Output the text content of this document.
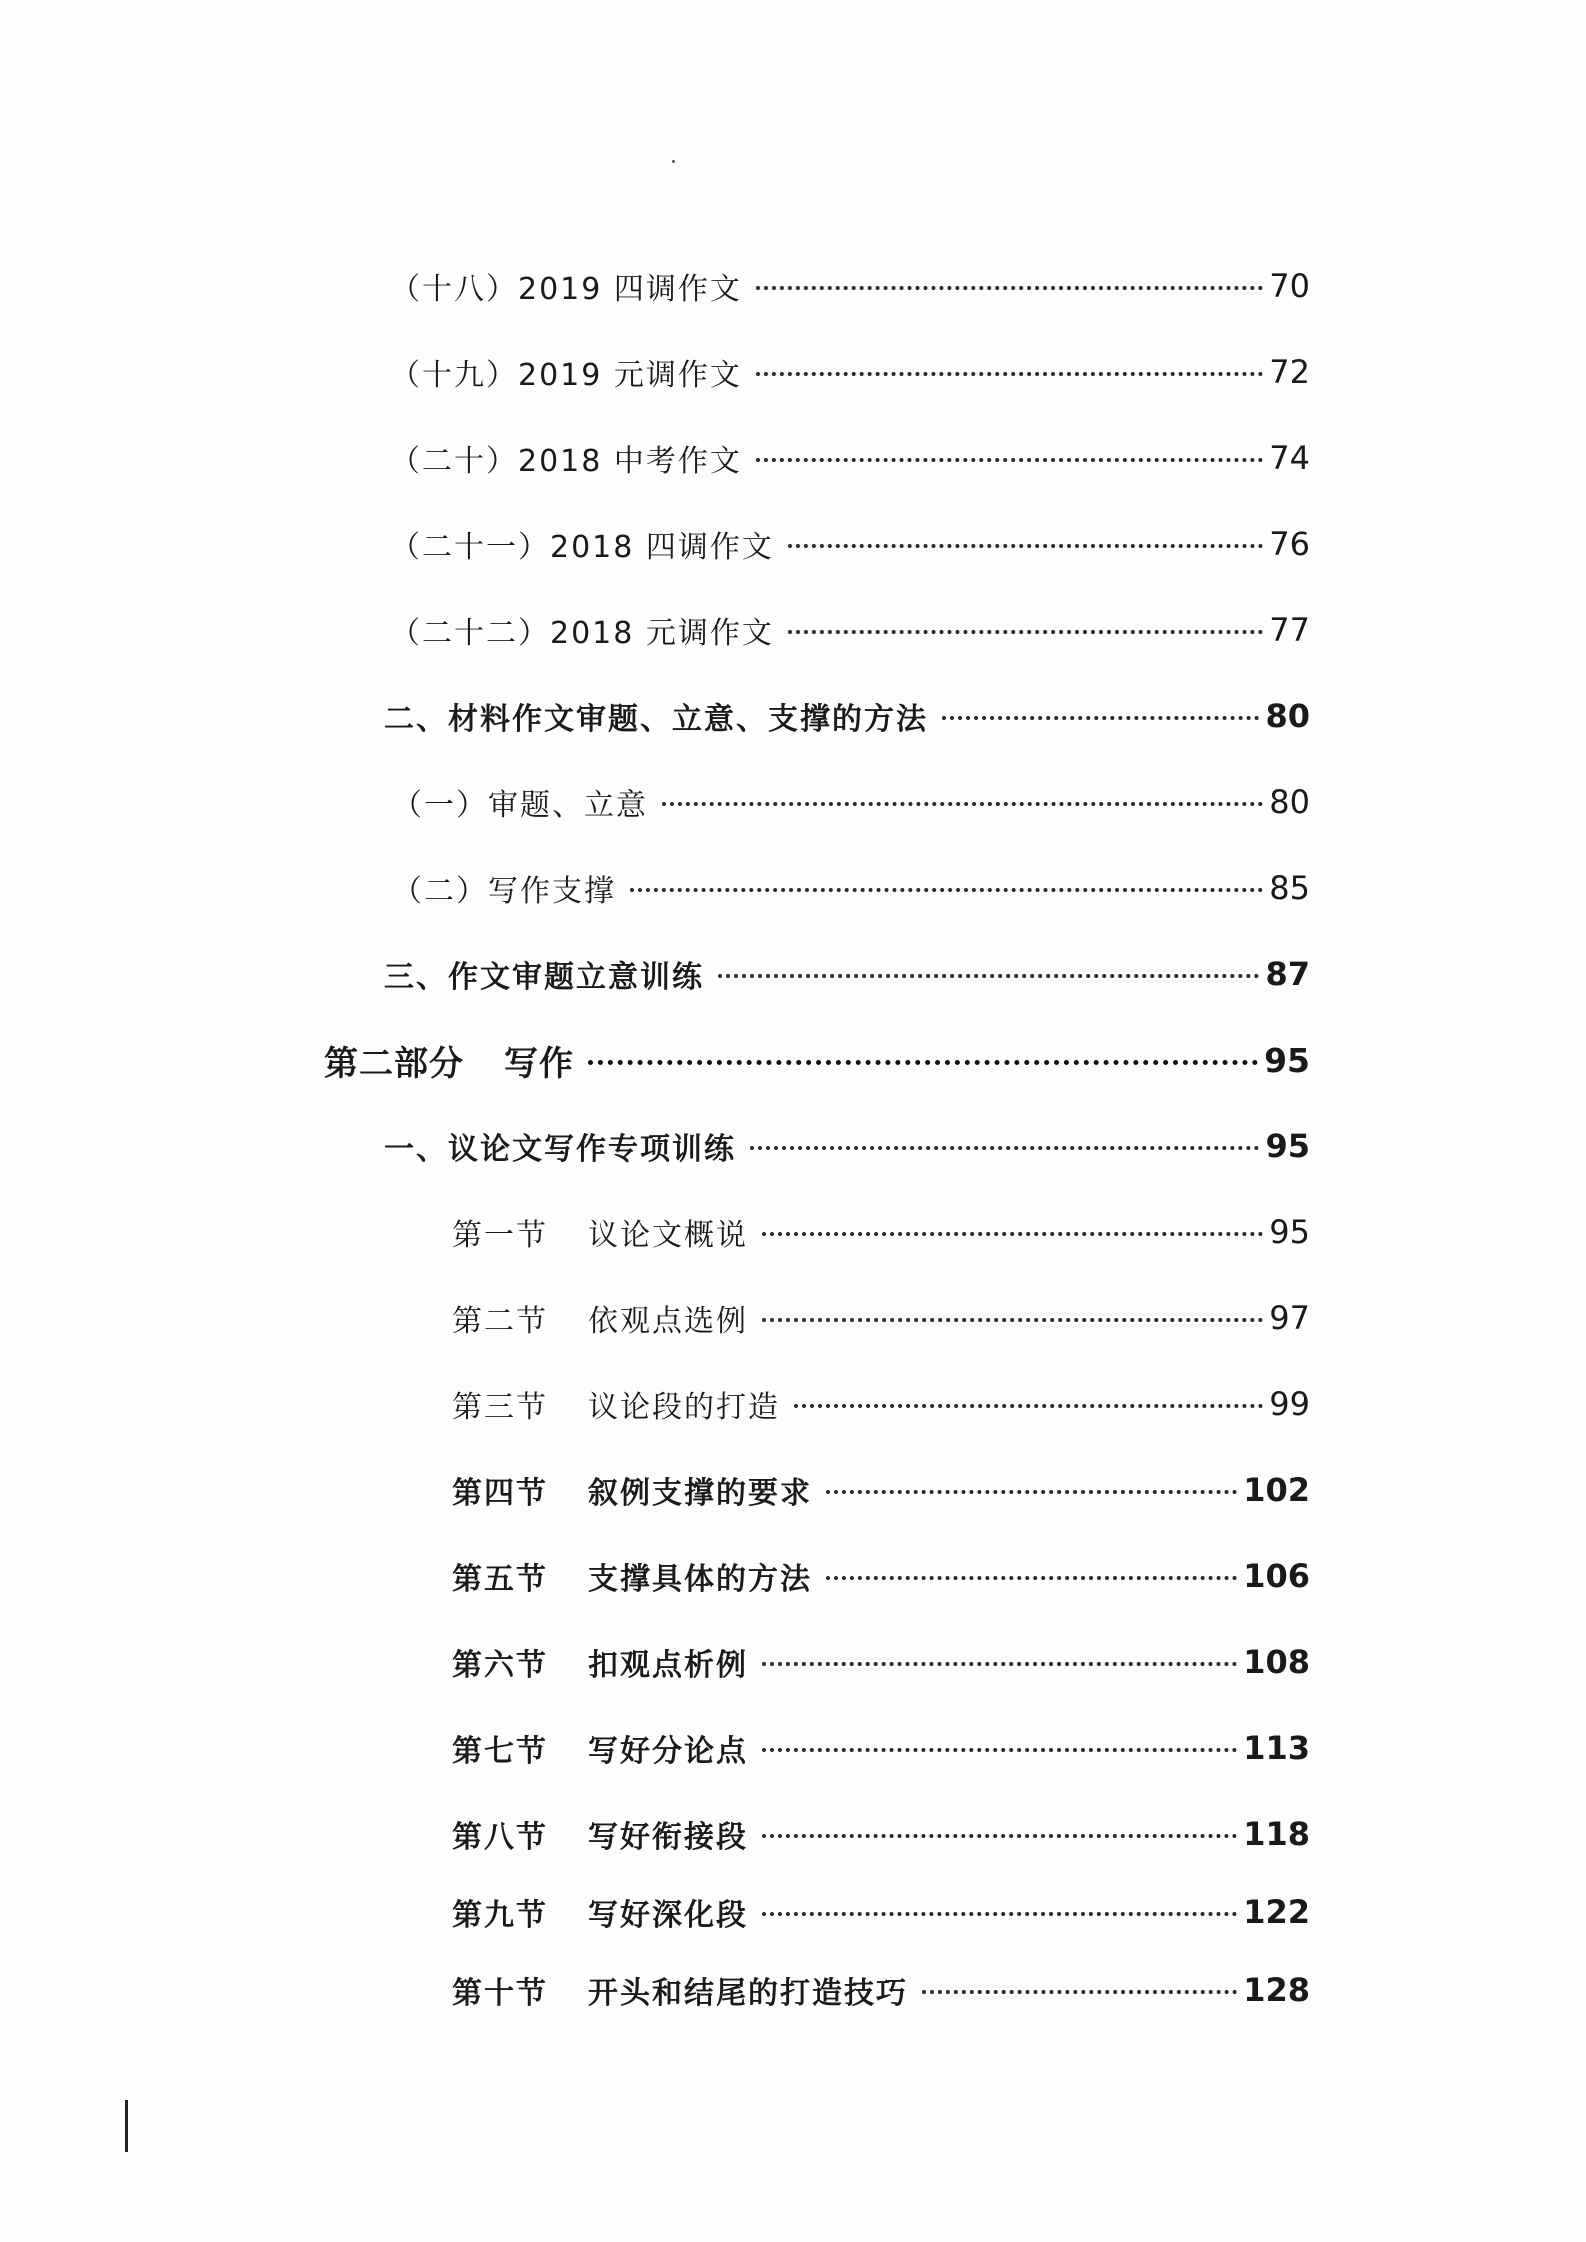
（十八）2019 四调作文	70
（十九）2019 元调作文	72
（二十）2018 中考作文	74
（二十一）2018 四调作文	76
（二十二）2018 元调作文	77
二、材料作文审题、立意、支撑的方法	80
（一）审题、立意	80
（二）写作支撑	85
三、作文审题立意训练	87
第二部分 写作	95
一、议论文写作专项训练	95
第一节 议论文概说	95
第二节 依观点选例	97
第三节 议论段的打造	99
第四节 叙例支撑的要求	102
第五节 支撑具体的方法	106
第六节 扣观点析例	108
第七节 写好分论点	113
第八节 写好衔接段	118
第九节 写好深化段	122
第十节 开头和结尾的打造技巧	128
